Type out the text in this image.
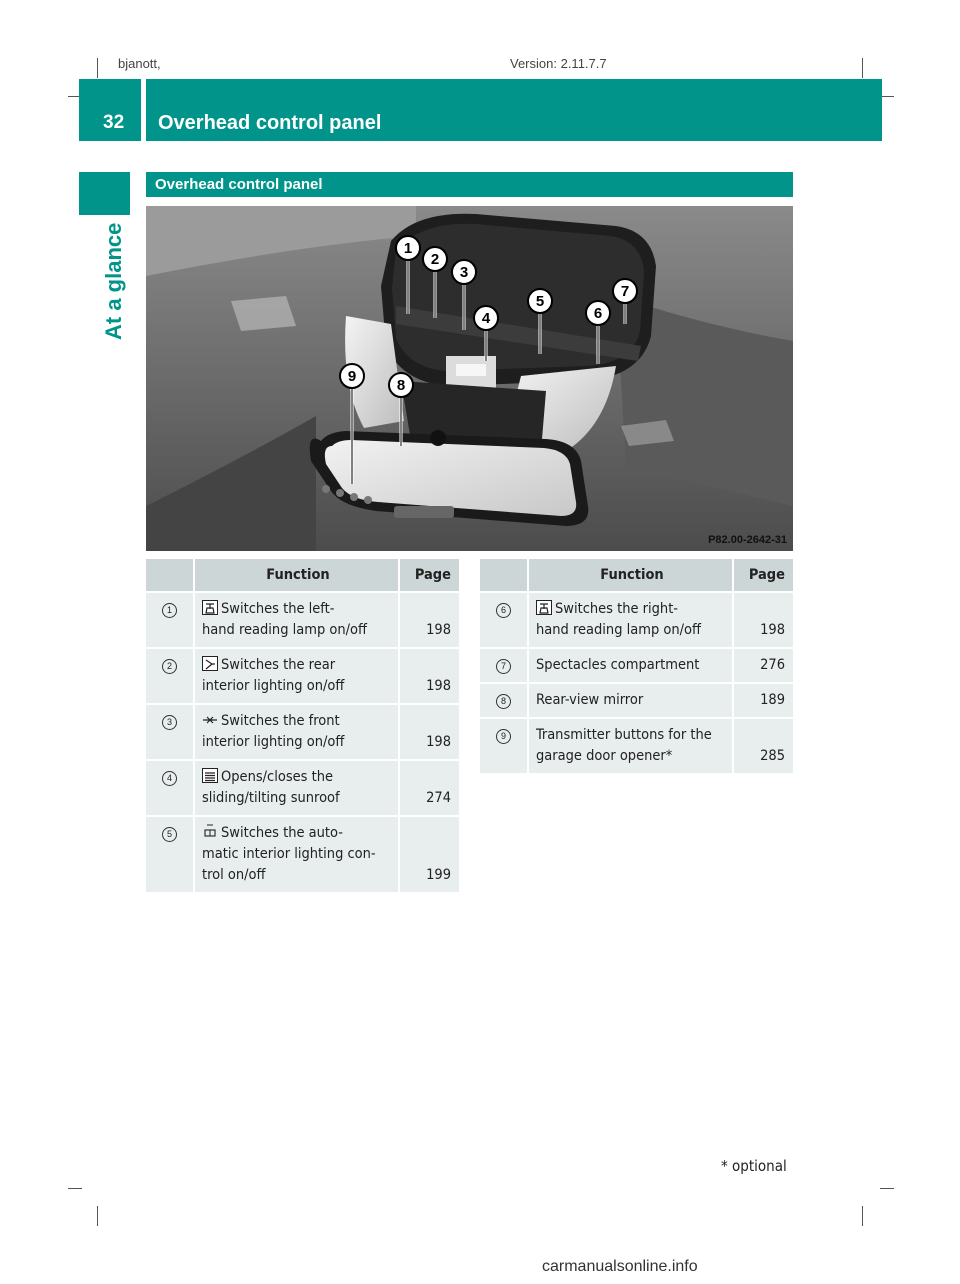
bjanott,	Version: 2.11.7.7
32 Overhead control panel
At a glance
Overhead control panel
1
2
3
4
5
6
7
8
9
P82.00-2642-31
	Function	Page
1	Switches the left-
hand reading lamp on/off	198
2	Switches the rear
interior lighting on/off	198
3	Switches the front
interior lighting on/off	198
4	Opens/closes the
sliding/tilting sunroof	274
5	Switches the auto-
matic interior lighting con-
trol on/off	199
	Function	Page
6	Switches the right-
hand reading lamp on/off	198
7	Spectacles compartment	276
8	Rear-view mirror	189
9	Transmitter buttons for the
garage door opener*	285
* optional
carmanualsonline.info
